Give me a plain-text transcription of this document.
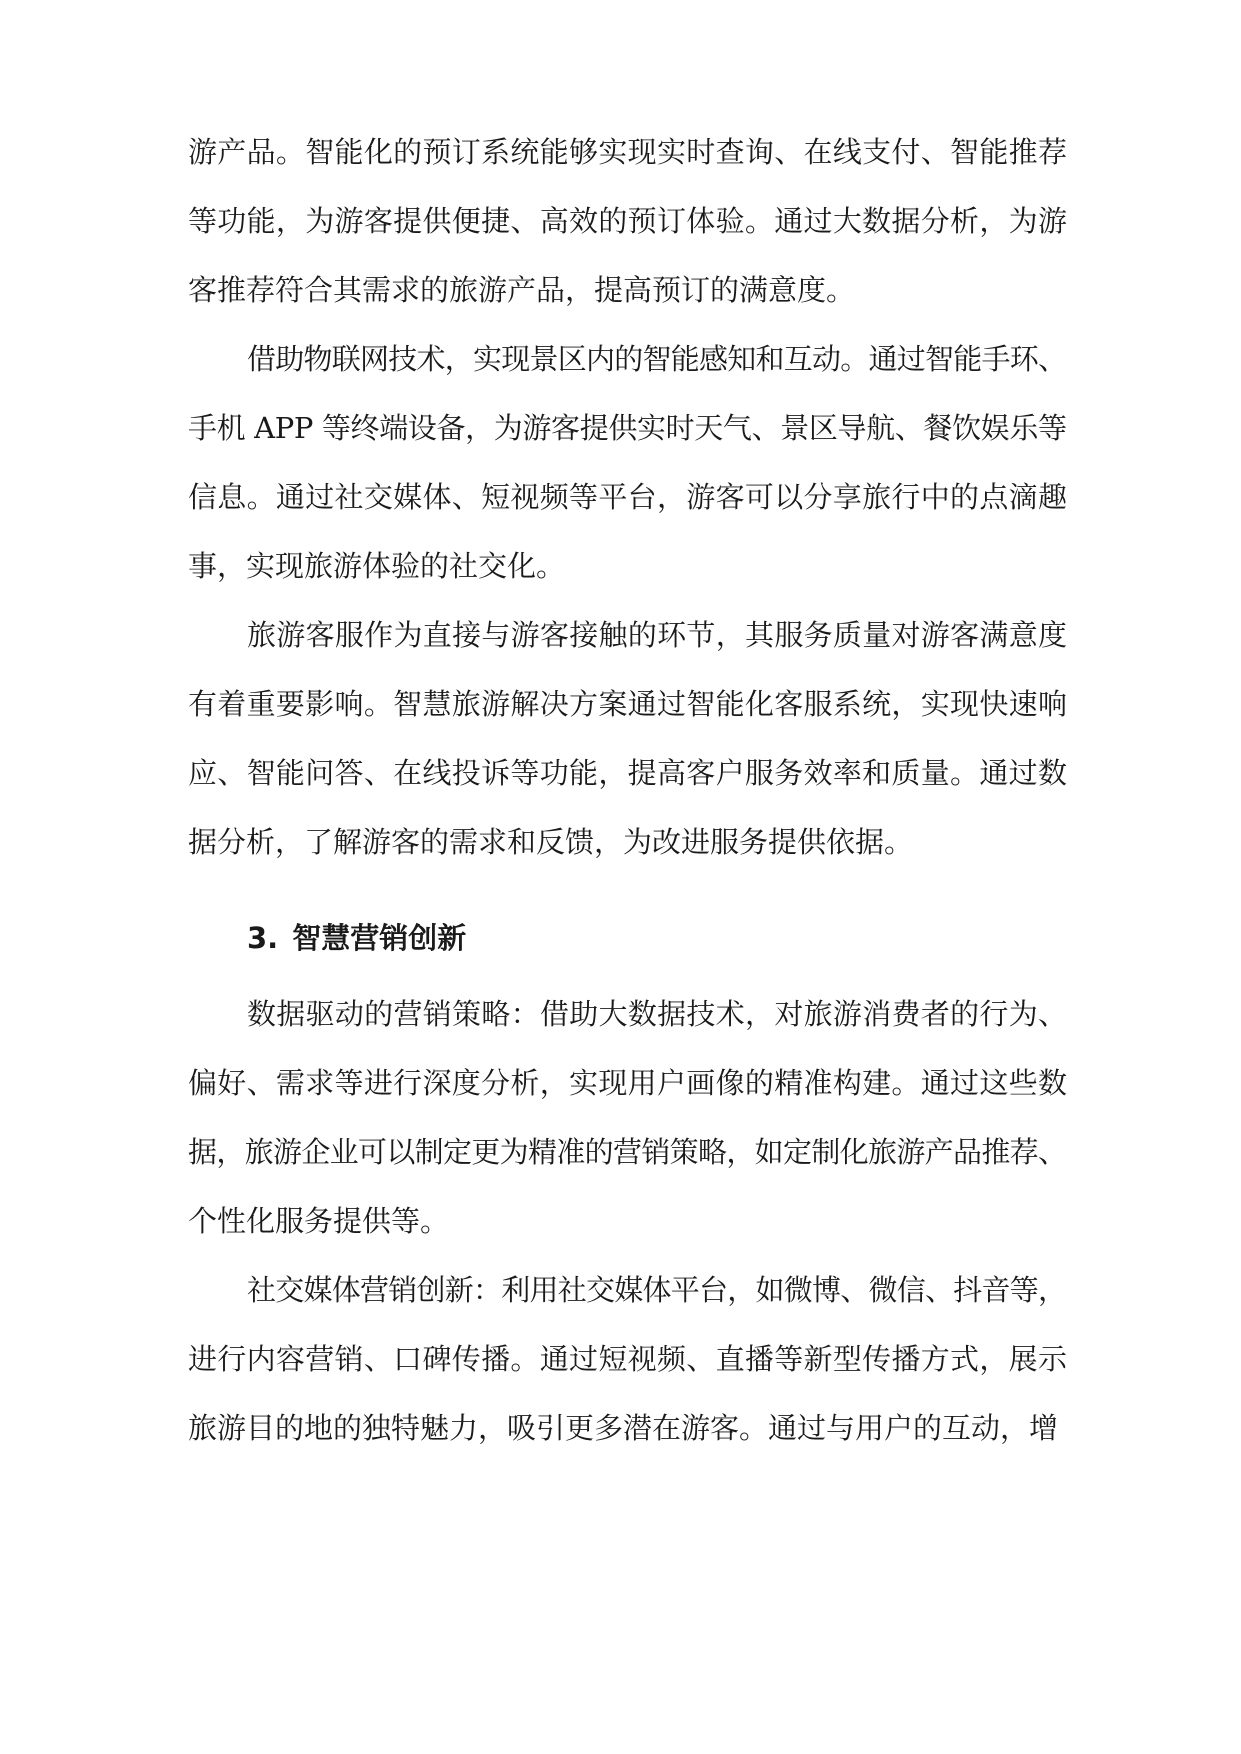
游产品。智能化的预订系统能够实现实时查询、在线支付、智能推荐

等功能，为游客提供便捷、高效的预订体验。通过大数据分析，为游

客推荐符合其需求的旅游产品，提高预订的满意度。

借助物联网技术，实现景区内的智能感知和互动。通过智能手环、

手机 APP 等终端设备，为游客提供实时天气、景区导航、餐饮娱乐等

信息。通过社交媒体、短视频等平台，游客可以分享旅行中的点滴趣

事，实现旅游体验的社交化。

旅游客服作为直接与游客接触的环节，其服务质量对游客满意度

有着重要影响。智慧旅游解决方案通过智能化客服系统，实现快速响

应、智能问答、在线投诉等功能，提高客户服务效率和质量。通过数

据分析，了解游客的需求和反馈，为改进服务提供依据。

3. 智慧营销创新

数据驱动的营销策略：借助大数据技术，对旅游消费者的行为、

偏好、需求等进行深度分析，实现用户画像的精准构建。通过这些数

据，旅游企业可以制定更为精准的营销策略，如定制化旅游产品推荐、

个性化服务提供等。

社交媒体营销创新：利用社交媒体平台，如微博、微信、抖音等，

进行内容营销、口碑传播。通过短视频、直播等新型传播方式，展示

旅游目的地的独特魅力，吸引更多潜在游客。通过与用户的互动，增
